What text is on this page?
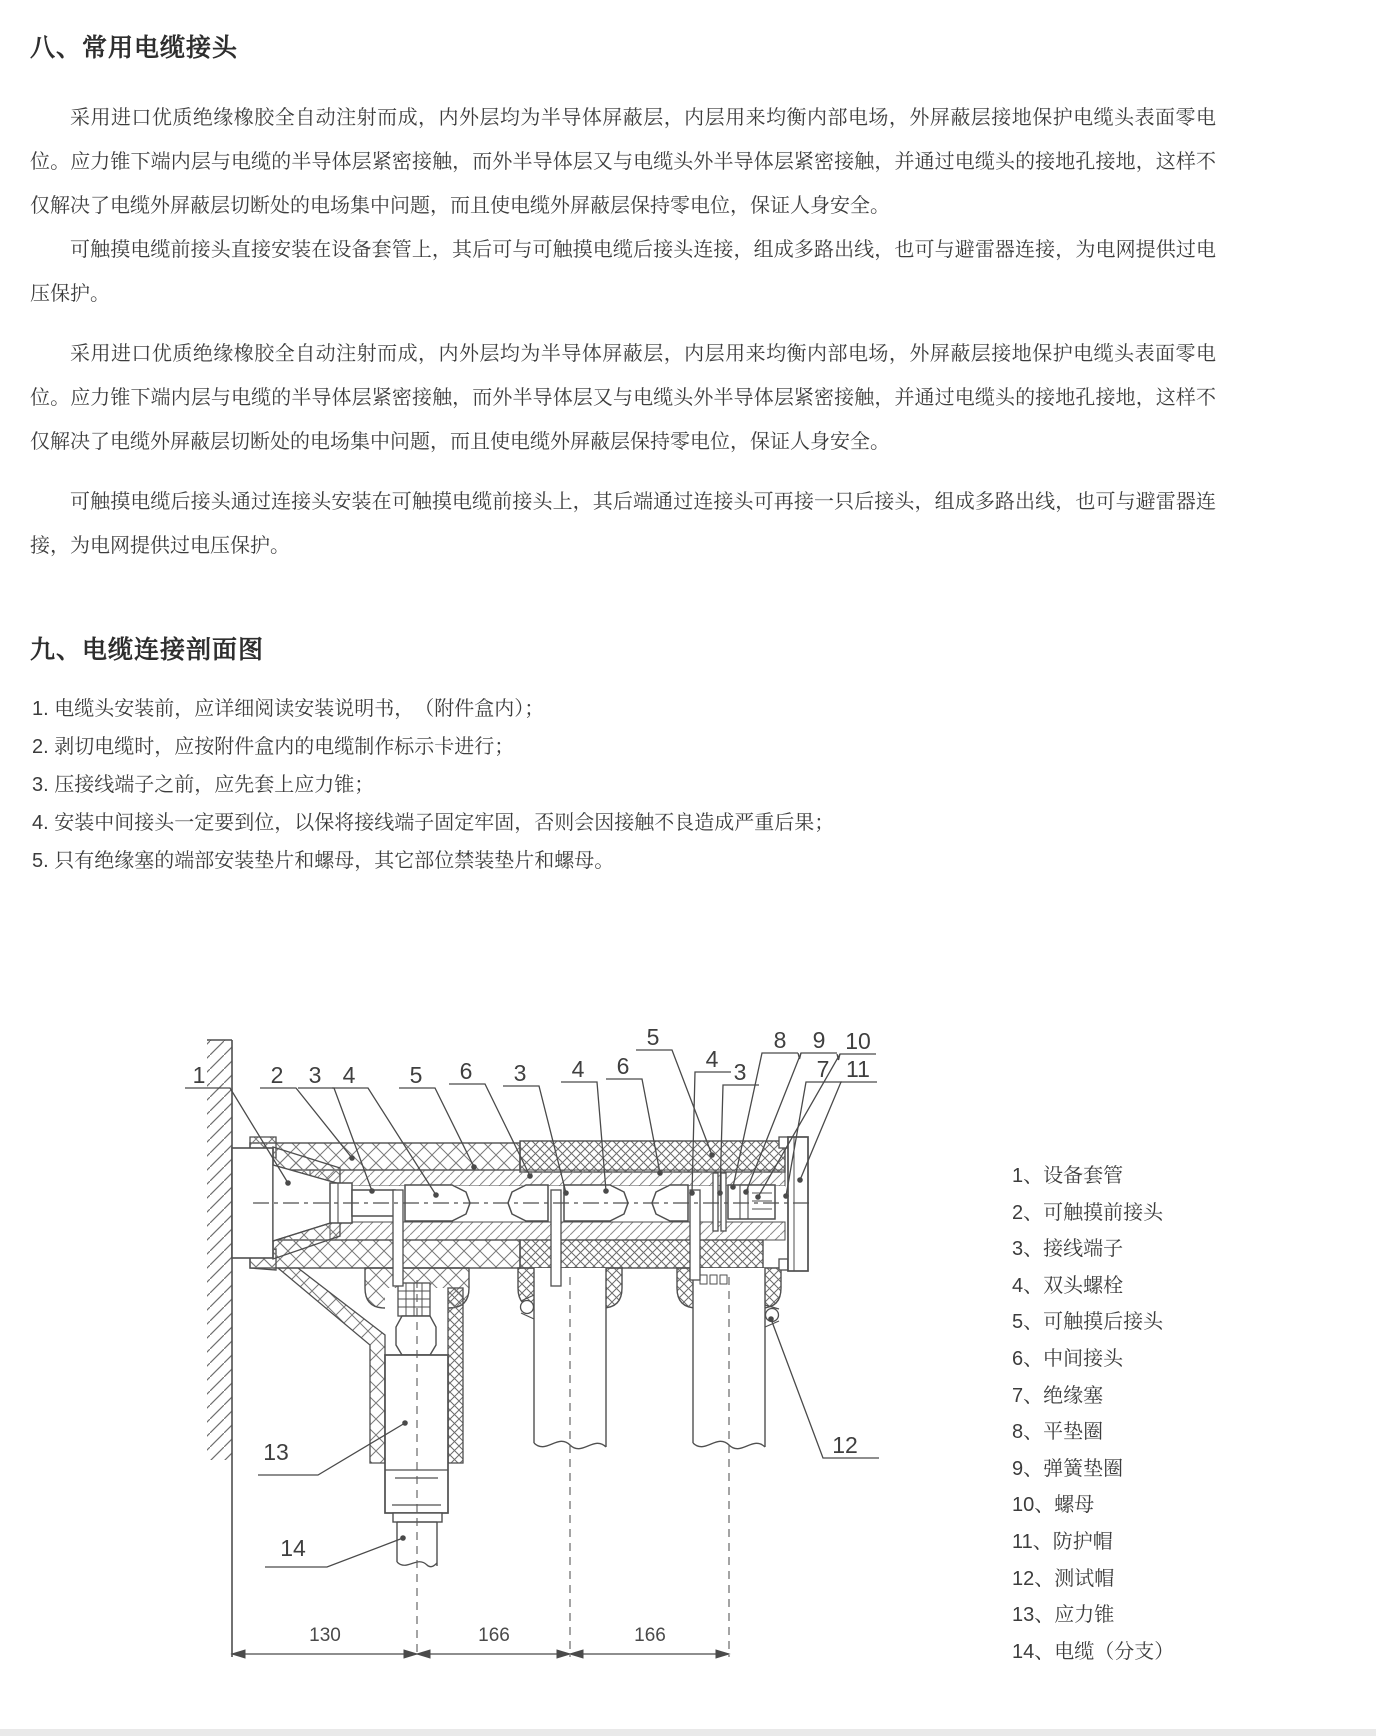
八、常用电缆接头
采用进口优质绝缘橡胶全自动注射而成，内外层均为半导体屏蔽层，内层用来均衡内部电场，外屏蔽层接地保护电缆头表面零电位。应力锥下端内层与电缆的半导体层紧密接触，而外半导体层又与电缆头外半导体层紧密接触，并通过电缆头的接地孔接地，这样不仅解决了电缆外屏蔽层切断处的电场集中问题，而且使电缆外屏蔽层保持零电位，保证人身安全。
可触摸电缆前接头直接安装在设备套管上，其后可与可触摸电缆后接头连接，组成多路出线，也可与避雷器连接，为电网提供过电压保护。
采用进口优质绝缘橡胶全自动注射而成，内外层均为半导体屏蔽层，内层用来均衡内部电场，外屏蔽层接地保护电缆头表面零电位。应力锥下端内层与电缆的半导体层紧密接触，而外半导体层又与电缆头外半导体层紧密接触，并通过电缆头的接地孔接地，这样不仅解决了电缆外屏蔽层切断处的电场集中问题，而且使电缆外屏蔽层保持零电位，保证人身安全。
可触摸电缆后接头通过连接头安装在可触摸电缆前接头上，其后端通过连接头可再接一只后接头，组成多路出线，也可与避雷器连接，为电网提供过电压保护。
九、电缆连接剖面图
1. 电缆头安装前，应详细阅读安装说明书，　（附件盒内）；
2. 剥切电缆时，应按附件盒内的电缆制作标示卡进行；
3. 压接线端子之前，应先套上应力锥；
4. 安装中间接头一定要到位，以保将接线端子固定牢固，否则会因接触不良造成严重后果；
5. 只有绝缘塞的端部安装垫片和螺母，其它部位禁装垫片和螺母。
1	2 3 4 5 6 3 4 6
5
4 3
8 9 10
7 11
12
13
14
130	166	166
1、设备套管
2、可触摸前接头
3、接线端子
4、双头螺栓
5、可触摸后接头
6、中间接头
7、绝缘塞
8、平垫圈
9、弹簧垫圈
10、螺母
11、防护帽
12、测试帽
13、应力锥
14、电缆（分支）
